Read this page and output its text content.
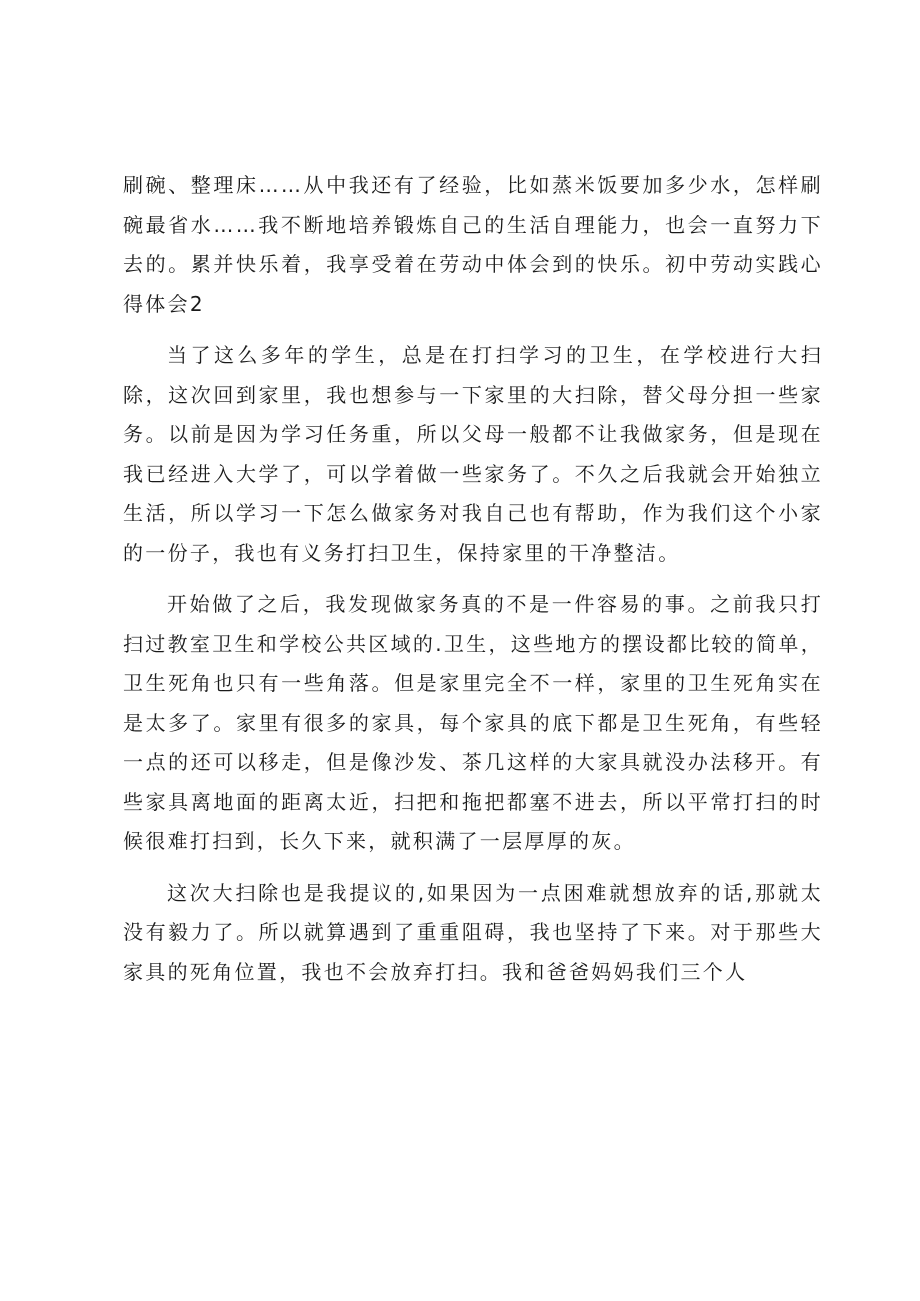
刷碗、整理床……从中我还有了经验，比如蒸米饭要加多少水，怎样刷碗最省水……我不断地培养锻炼自己的生活自理能力，也会一直努力下去的。累并快乐着，我享受着在劳动中体会到的快乐。初中劳动实践心得体会2

当了这么多年的学生，总是在打扫学习的卫生，在学校进行大扫除，这次回到家里，我也想参与一下家里的大扫除，替父母分担一些家务。以前是因为学习任务重，所以父母一般都不让我做家务，但是现在我已经进入大学了，可以学着做一些家务了。不久之后我就会开始独立生活，所以学习一下怎么做家务对我自己也有帮助，作为我们这个小家的一份子，我也有义务打扫卫生，保持家里的干净整洁。

开始做了之后，我发现做家务真的不是一件容易的事。之前我只打扫过教室卫生和学校公共区域的.卫生，这些地方的摆设都比较的简单，卫生死角也只有一些角落。但是家里完全不一样，家里的卫生死角实在是太多了。家里有很多的家具，每个家具的底下都是卫生死角，有些轻一点的还可以移走，但是像沙发、茶几这样的大家具就没办法移开。有些家具离地面的距离太近，扫把和拖把都塞不进去，所以平常打扫的时候很难打扫到，长久下来，就积满了一层厚厚的灰。

这次大扫除也是我提议的,如果因为一点困难就想放弃的话,那就太没有毅力了。所以就算遇到了重重阻碍，我也坚持了下来。对于那些大家具的死角位置，我也不会放弃打扫。我和爸爸妈妈我们三个人
